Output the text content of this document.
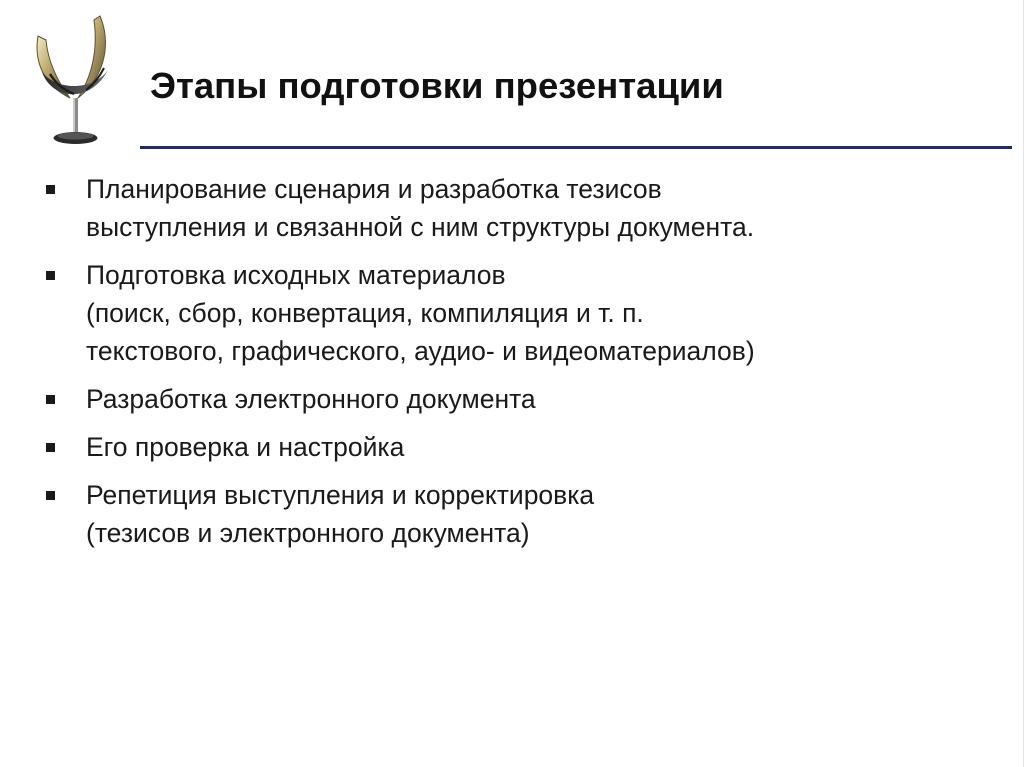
Этапы подготовки презентации
Планирование сценария и разработка тезисов
выступления и связанной с ним структуры документа.
Подготовка исходных материалов
(поиск, сбор, конвертация, компиляция и т. п.
текстового, графического, аудио- и видеоматериалов)
Разработка электронного документа
Его проверка и настройка
Репетиция выступления и корректировка
(тезисов и электронного документа)
